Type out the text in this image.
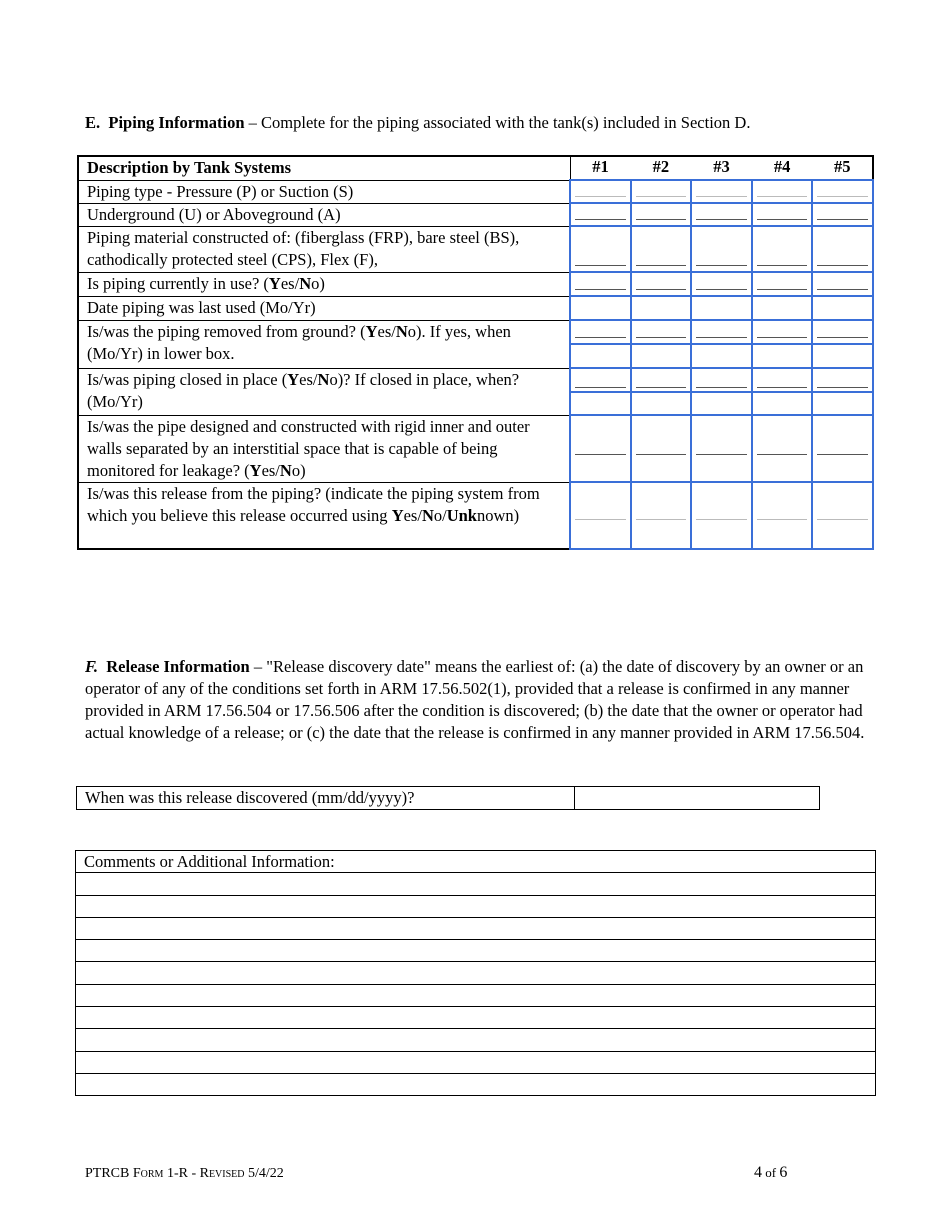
E. Piping Information – Complete for the piping associated with the tank(s) included in Section D.
Description by Tank Systems	#1	#2	#3	#4	#5
Piping type - Pressure (P) or Suction (S)	

Underground (U) or Aboveground (A)	

Piping material constructed of: (fiberglass (FRP), bare steel (BS), cathodically protected steel (CPS), Flex (F),	

Is piping currently in use? (Yes/No)	

Date piping was last used (Mo/Yr)					
Is/was the piping removed from ground? (Yes/No). If yes, when (Mo/Yr) in lower box.	

Is/was piping closed in place (Yes/No)? If closed in place, when? (Mo/Yr)	

Is/was the pipe designed and constructed with rigid inner and outer walls separated by an interstitial space that is capable of being monitored for leakage? (Yes/No)	

Is/was this release from the piping? (indicate the piping system from which you believe this release occurred using Yes/No/Unknown)	

F. Release Information – "Release discovery date" means the earliest of: (a) the date of discovery by an owner or an operator of any of the conditions set forth in ARM 17.56.502(1), provided that a release is confirmed in any manner provided in ARM 17.56.504 or 17.56.506 after the condition is discovered; (b) the date that the owner or operator had actual knowledge of a release; or (c) the date that the release is confirmed in any manner provided in ARM 17.56.504.
When was this release discovered (mm/dd/yyyy)?
Comments or Additional Information:
PTRCB Form 1-R - Revised 5/4/22	4 of 6
